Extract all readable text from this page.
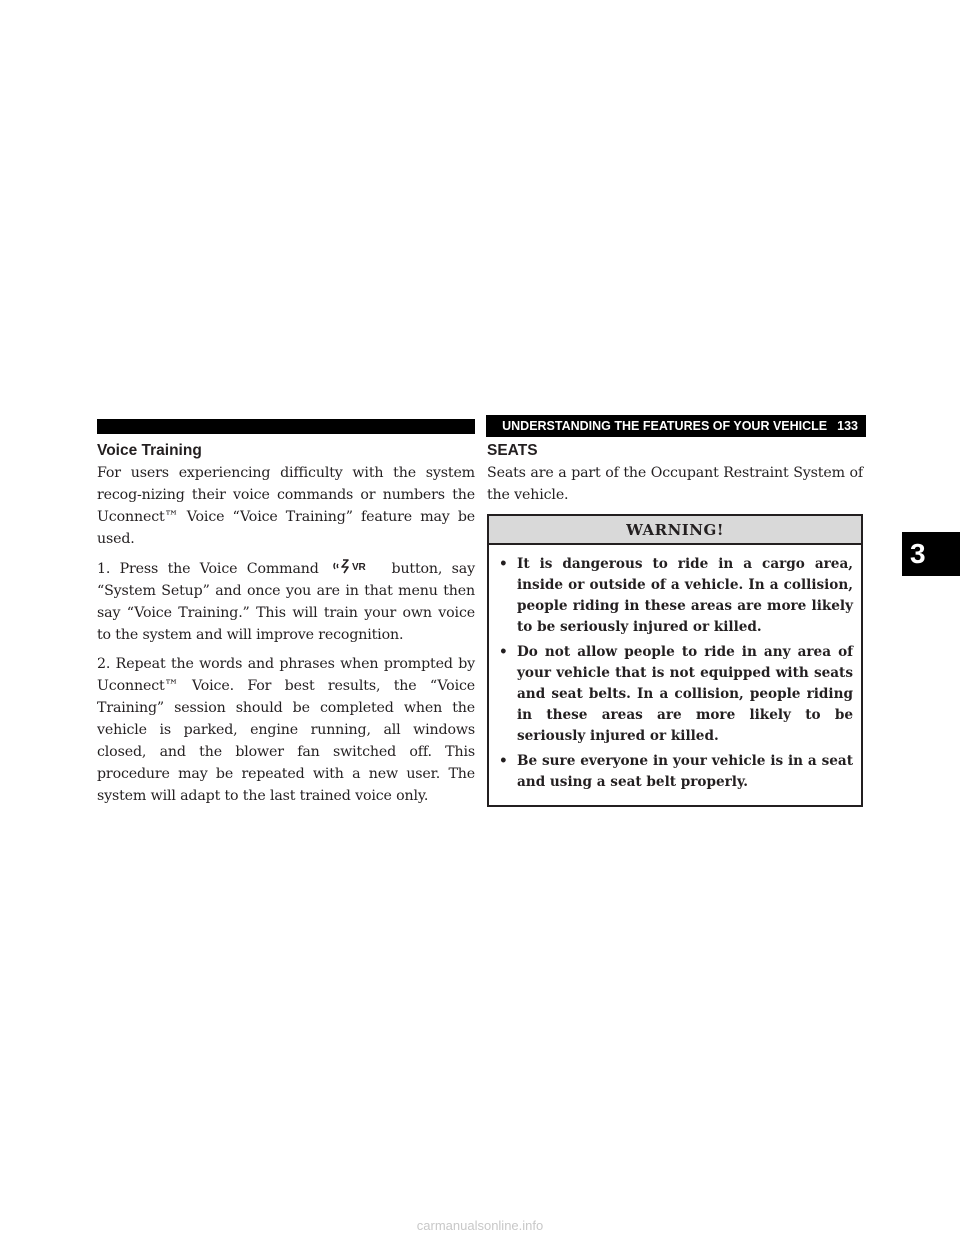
UNDERSTANDING THE FEATURES OF YOUR VEHICLE 133
Voice Training

For users experiencing difficulty with the system recog-nizing their voice commands or numbers the Uconnect™ Voice “Voice Training” feature may be used.

1. Press the Voice Command	VR button, say “System Setup” and once you are in that menu then say “Voice Training.” This will train your own voice to the system and will improve recognition.

2. Repeat the words and phrases when prompted by Uconnect™ Voice. For best results, the “Voice Training” session should be completed when the vehicle is parked, engine running, all windows closed, and the blower fan switched off. This procedure may be repeated with a new user. The system will adapt to the last trained voice only.

SEATS

Seats are a part of the Occupant Restraint System of the vehicle.

WARNING!
• It is dangerous to ride in a cargo area, inside or outside of a vehicle. In a collision, people riding in these areas are more likely to be seriously injured or killed.
• Do not allow people to ride in any area of your vehicle that is not equipped with seats and seat belts. In a collision, people riding in these areas are more likely to be seriously injured or killed.
• Be sure everyone in your vehicle is in a seat and using a seat belt properly.
3
carmanualsonline.info
